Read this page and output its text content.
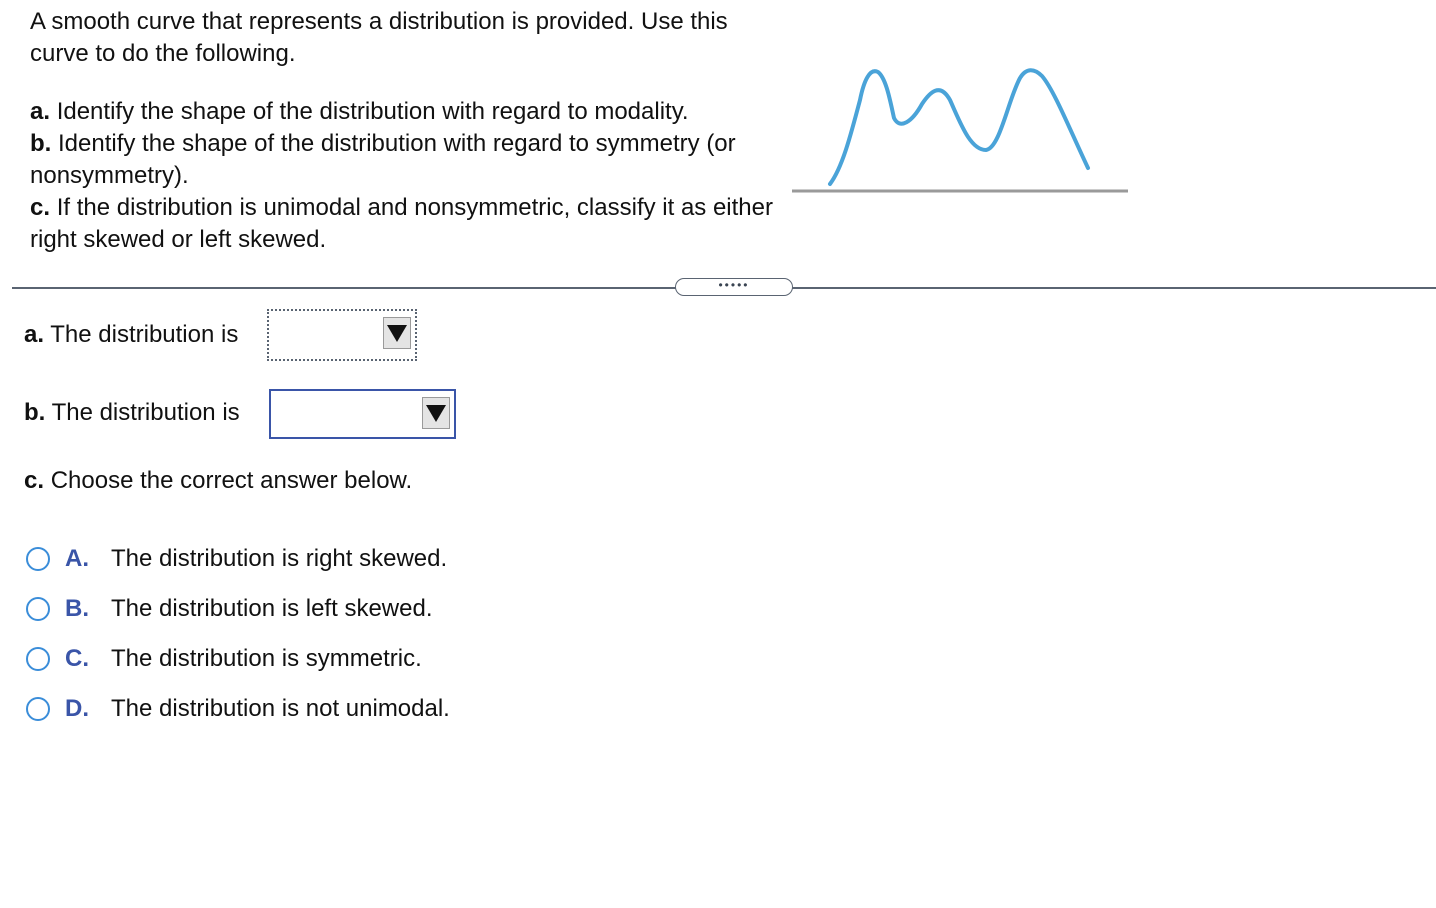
A smooth curve that represents a distribution is provided. Use this curve to do the following.

a. Identify the shape of the distribution with regard to modality.

b. Identify the shape of the distribution with regard to symmetry (or nonsymmetry).

c. If the distribution is unimodal and nonsymmetric, classify it as either right skewed or left skewed.

•••••
a. The distribution is
b. The distribution is
c. Choose the correct answer below.
A. The distribution is right skewed.
B. The distribution is left skewed.
C. The distribution is symmetric.
D. The distribution is not unimodal.
